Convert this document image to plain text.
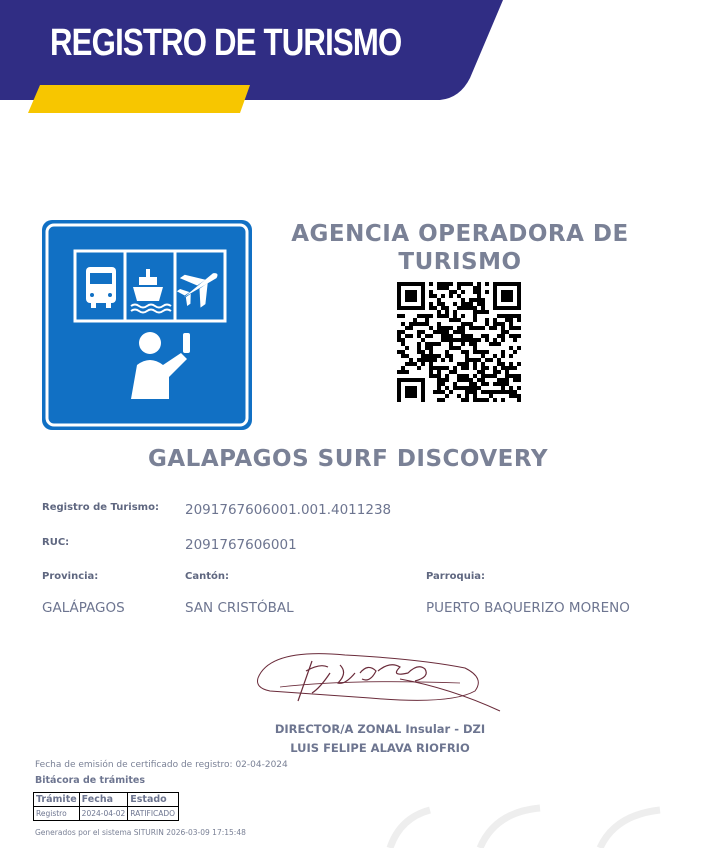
REGISTRO DE TURISMO
AGENCIA OPERADORA DE TURISMO
GALAPAGOS SURF DISCOVERY
Registro de Turismo: 2091767606001.001.4011238
RUC:	2091767606001
Provincia:	Cantón:	Parroquia:
GALÁPAGOS	SAN CRISTÓBAL	PUERTO BAQUERIZO MORENO
DIRECTOR/A ZONAL Insular - DZI
LUIS FELIPE ALAVA RIOFRIO
Fecha de emisión de certificado de registro: 02-04-2024
Bitácora de trámites
Trámite	Fecha	Estado
Registro	2024-04-02	RATIFICADO
Generados por el sistema SITURIN 2026-03-09 17:15:48
